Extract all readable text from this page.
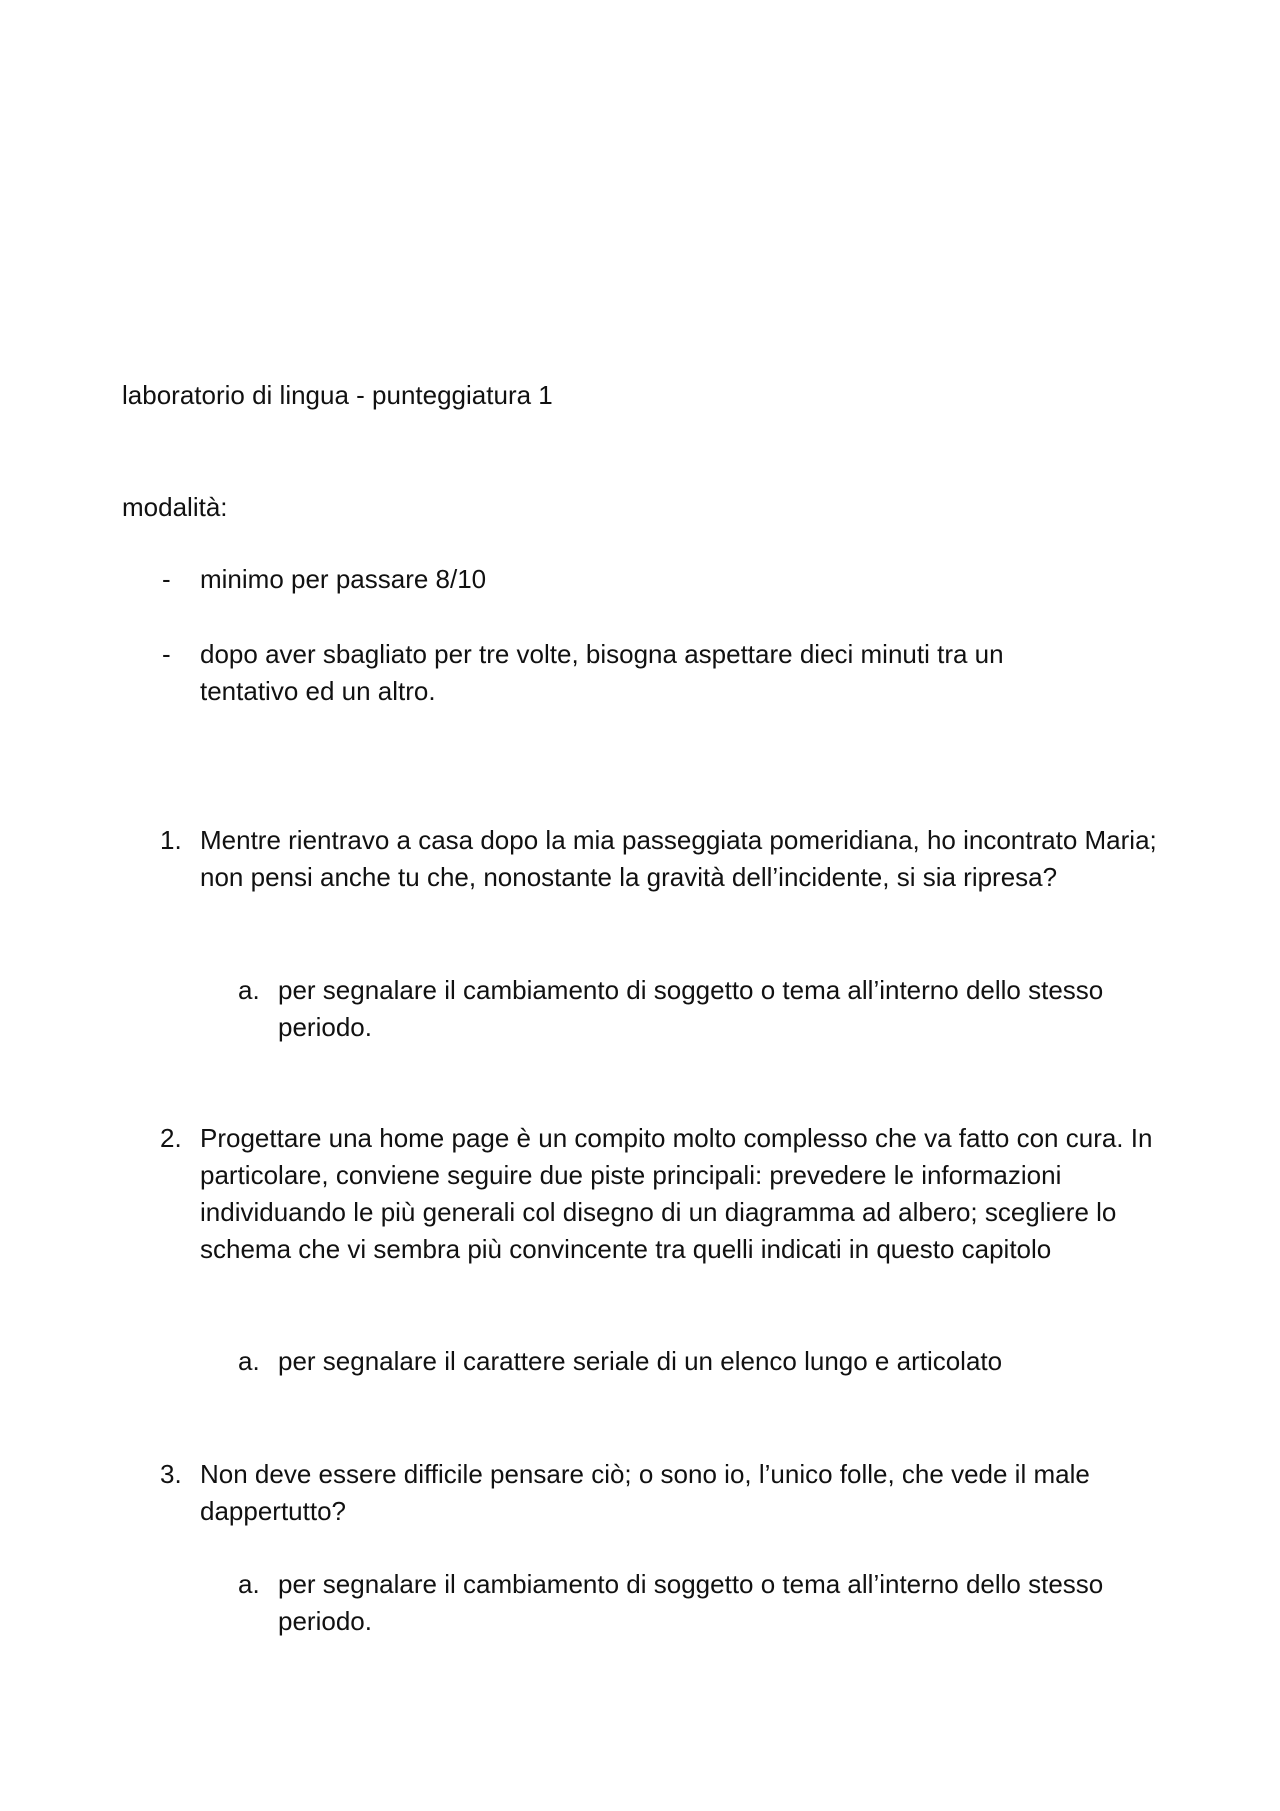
laboratorio di lingua - punteggiatura 1

modalità:

- minimo per passare 8/10
- dopo aver sbagliato per tre volte, bisogna aspettare dieci minuti tra un tentativo ed un altro.
1. Mentre rientravo a casa dopo la mia passeggiata pomeridiana, ho incontrato Maria; non pensi anche tu che, nonostante la gravità dell’incidente, si sia ripresa?
a. per segnalare il cambiamento di soggetto o tema all’interno dello stesso periodo.
2. Progettare una home page è un compito molto complesso che va fatto con cura. In particolare, conviene seguire due piste principali: prevedere le informazioni individuando le più generali col disegno di un diagramma ad albero; scegliere lo schema che vi sembra più convincente tra quelli indicati in questo capitolo
a. per segnalare il carattere seriale di un elenco lungo e articolato
3. Non deve essere difficile pensare ciò; o sono io, l’unico folle, che vede il male dappertutto?
a. per segnalare il cambiamento di soggetto o tema all’interno dello stesso periodo.
